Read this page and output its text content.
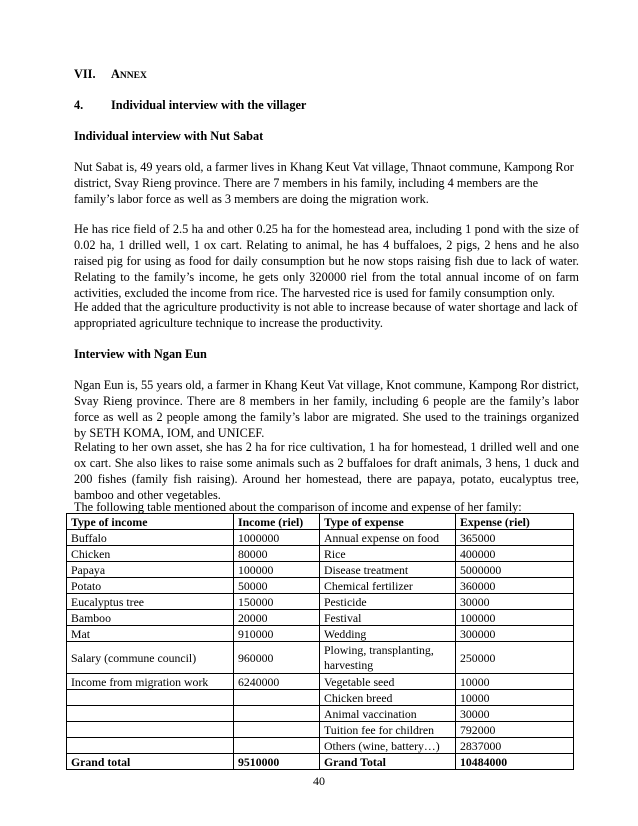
VII. ANNEX
4. Individual interview with the villager

Individual interview with Nut Sabat

Nut Sabat is, 49 years old, a farmer lives in Khang Keut Vat village, Thnaot commune, Kampong Ror district, Svay Rieng province. There are 7 members in his family, including 4 members are the family’s labor force as well as 3 members are doing the migration work.

He has rice field of 2.5 ha and other 0.25 ha for the homestead area, including 1 pond with the size of 0.02 ha, 1 drilled well, 1 ox cart. Relating to animal, he has 4 buffaloes, 2 pigs, 2 hens and he also raised pig for using as food for daily consumption but he now stops raising fish due to lack of water. Relating to the family’s income, he gets only 320000 riel from the total annual income of on farm activities, excluded the income from rice. The harvested rice is used for family consumption only.

He added that the agriculture productivity is not able to increase because of water shortage and lack of appropriated agriculture technique to increase the productivity.

Interview with Ngan Eun

Ngan Eun is, 55 years old, a farmer in Khang Keut Vat village, Knot commune, Kampong Ror district, Svay Rieng province. There are 8 members in her family, including 6 people are the family’s labor force as well as 2 people among the family’s labor are migrated. She used to the trainings organized by SETH KOMA, IOM, and UNICEF.

Relating to her own asset, she has 2 ha for rice cultivation, 1 ha for homestead, 1 drilled well and one ox cart. She also likes to raise some animals such as 2 buffaloes for draft animals, 3 hens, 1 duck and 200 fishes (family fish raising). Around her homestead, there are papaya, potato, eucalyptus tree, bamboo and other vegetables.

The following table mentioned about the comparison of income and expense of her family:

Type of income	Income (riel)	Type of expense	Expense (riel)
Buffalo	1000000	Annual expense on food	365000
Chicken	80000	Rice	400000
Papaya	100000	Disease treatment	5000000
Potato	50000	Chemical fertilizer	360000
Eucalyptus tree	150000	Pesticide	30000
Bamboo	20000	Festival	100000
Mat	910000	Wedding	300000
Salary (commune council)	960000	Plowing, transplanting, harvesting	250000
Income from migration work	6240000	Vegetable seed	10000
		Chicken breed	10000
		Animal vaccination	30000
		Tuition fee for children	792000
		Others (wine, battery…)	2837000
Grand total	9510000	Grand Total	10484000
40
